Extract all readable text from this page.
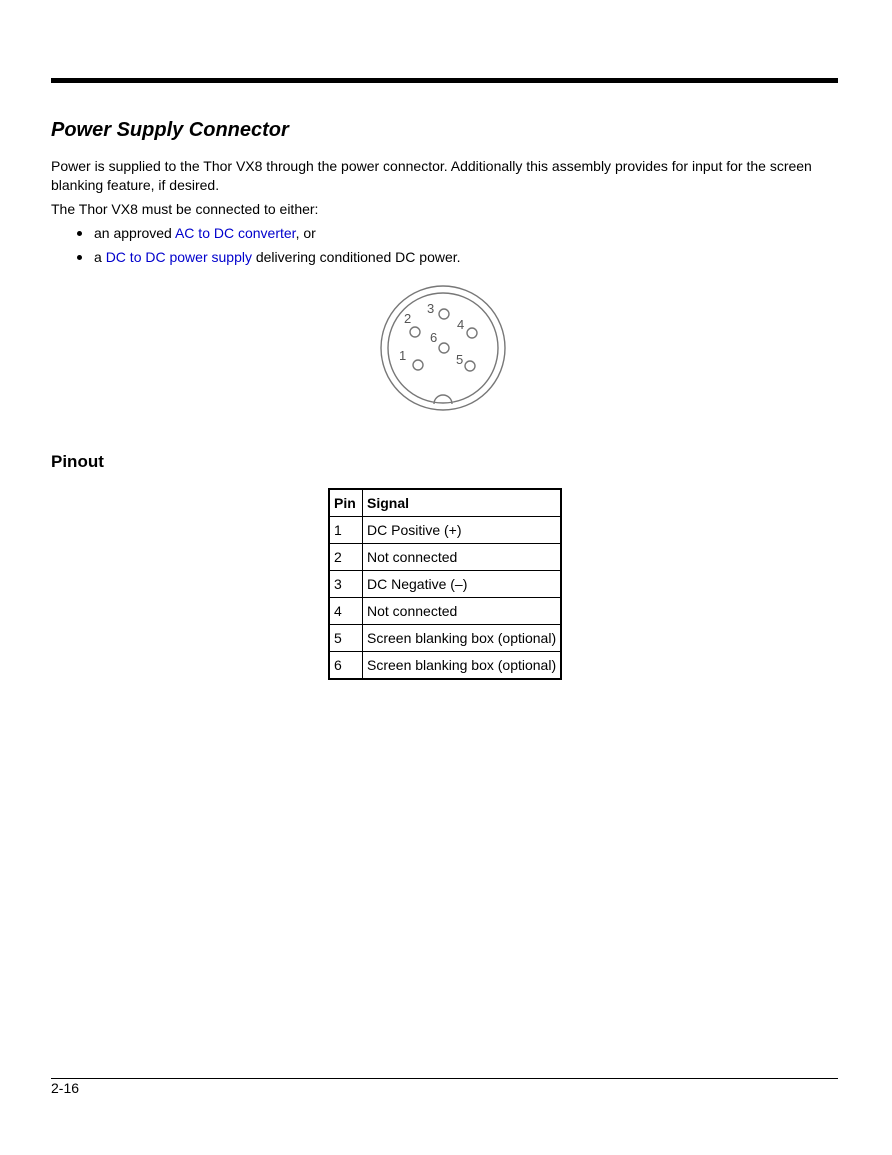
Power Supply Connector

Power is supplied to the Thor VX8 through the power connector. Additionally this assembly provides for input for the screen blanking feature, if desired.

The Thor VX8 must be connected to either:

an approved AC to DC converter, or
a DC to DC power supply delivering conditioned DC power.
1
2
3
4
5
6
Pinout
Pin	Signal
1	DC Positive (+)
2	Not connected
3	DC Negative (–)
4	Not connected
5	Screen blanking box (optional)
6	Screen blanking box (optional)
2-16
